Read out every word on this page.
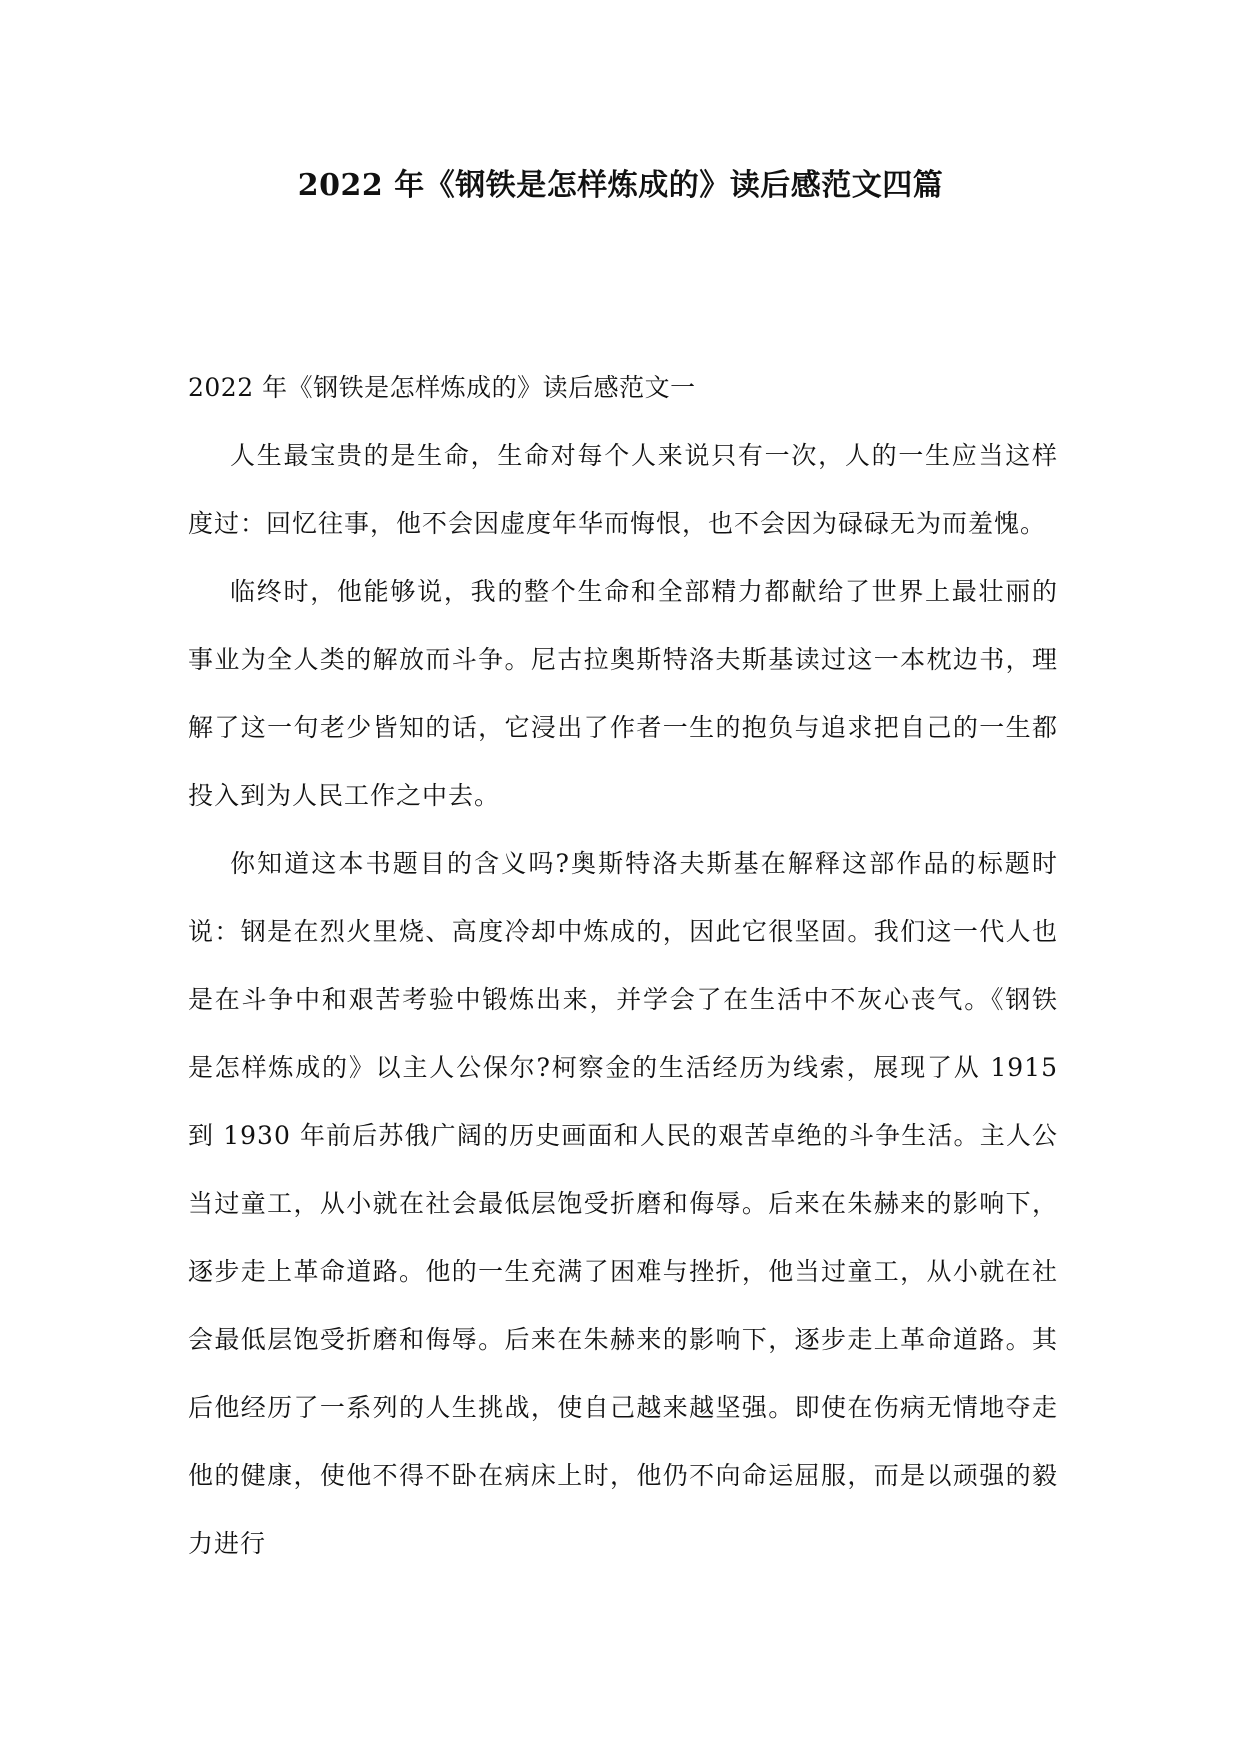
2022 年《钢铁是怎样炼成的》读后感范文四篇

2022 年《钢铁是怎样炼成的》读后感范文一

人生最宝贵的是生命，生命对每个人来说只有一次，人的一生应当这样度过：回忆往事，他不会因虚度年华而悔恨，也不会因为碌碌无为而羞愧。

临终时，他能够说，我的整个生命和全部精力都献给了世界上最壮丽的事业为全人类的解放而斗争。尼古拉奥斯特洛夫斯基读过这一本枕边书，理解了这一句老少皆知的话，它浸出了作者一生的抱负与追求把自己的一生都投入到为人民工作之中去。

你知道这本书题目的含义吗?奥斯特洛夫斯基在解释这部作品的标题时说：钢是在烈火里烧、高度冷却中炼成的，因此它很坚固。我们这一代人也是在斗争中和艰苦考验中锻炼出来，并学会了在生活中不灰心丧气。《钢铁是怎样炼成的》以主人公保尔?柯察金的生活经历为线索，展现了从 1915 到 1930 年前后苏俄广阔的历史画面和人民的艰苦卓绝的斗争生活。主人公当过童工，从小就在社会最低层饱受折磨和侮辱。后来在朱赫来的影响下，逐步走上革命道路。他的一生充满了困难与挫折，他当过童工，从小就在社会最低层饱受折磨和侮辱。后来在朱赫来的影响下，逐步走上革命道路。其后他经历了一系列的人生挑战，使自己越来越坚强。即使在伤病无情地夺走他的健康，使他不得不卧在病床上时，他仍不向命运屈服，而是以顽强的毅力进行
